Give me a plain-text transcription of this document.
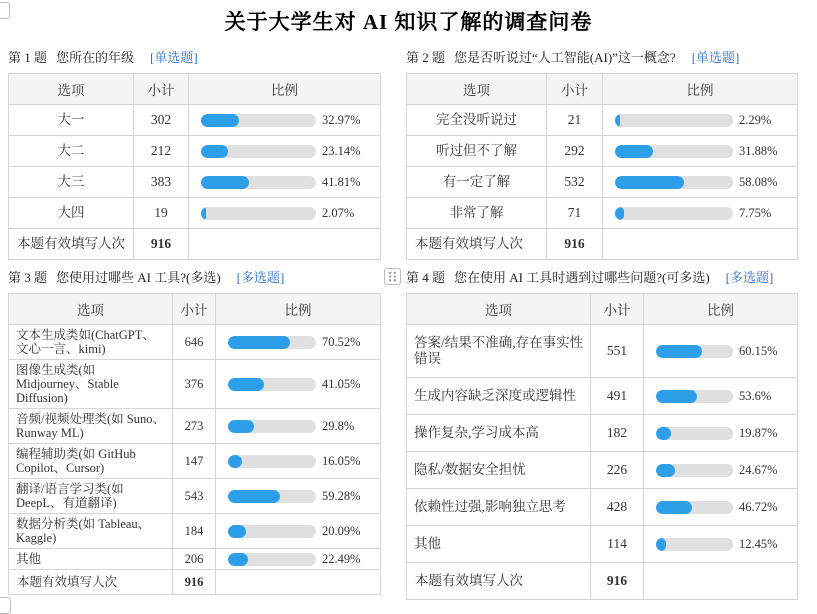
关于大学生对 AI 知识了解的调查问卷
第 1 题 您所在的年级 [单选题]
选项	小计	比例
大一	302	32.97%

大二	212	23.14%

大三	383	41.81%

大四	19	2.07%

本题有效填写人次	916	
第 2 题 您是否听说过“人工智能(AI)”这一概念? [单选题]
选项	小计	比例
完全没听说过	21	2.29%

听过但不了解	292	31.88%

有一定了解	532	58.08%

非常了解	71	7.75%

本题有效填写人次	916	
第 3 题 您使用过哪些 AI 工具?(多选) [多选题]
选项	小计	比例
文本生成类如(ChatGPT、文心一言、kimi)	646	70.52%

图像生成类(如 Midjourney、Stable Diffusion)	376	41.05%

音频/视频处理类(如 Suno、Runway ML)	273	29.8%

编程辅助类(如 GitHub Copilot、Cursor)	147	16.05%

翻译/语言学习类(如 DeepL、有道翻译)	543	59.28%

数据分析类(如 Tableau、Kaggle)	184	20.09%

其他	206	22.49%

本题有效填写人次	916	
第 4 题 您在使用 AI 工具时遇到过哪些问题?(可多选) [多选题]
选项	小计	比例
答案/结果不准确,存在事实性错误	551	60.15%

生成内容缺乏深度或逻辑性	491	53.6%

操作复杂,学习成本高	182	19.87%

隐私/数据安全担忧	226	24.67%

依赖性过强,影响独立思考	428	46.72%

其他	114	12.45%

本题有效填写人次	916	
